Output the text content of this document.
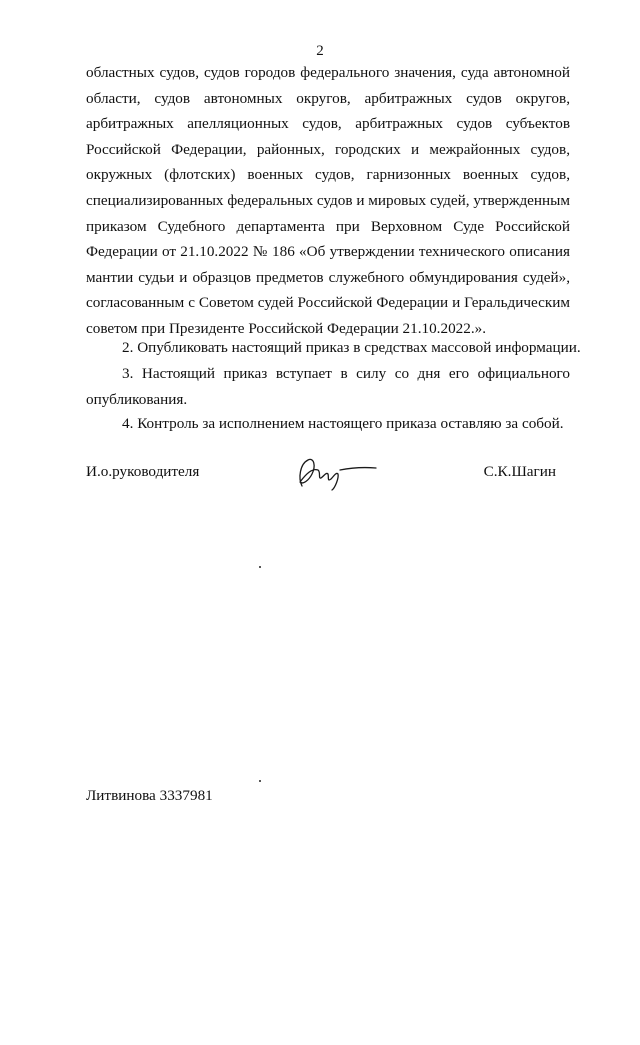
2
областных судов, судов городов федерального значения, суда автономной
области, судов автономных округов, арбитражных судов округов,
арбитражных апелляционных судов, арбитражных судов субъектов
Российской Федерации, районных, городских и межрайонных судов,
окружных (флотских) военных судов, гарнизонных военных судов,
специализированных федеральных судов и мировых судей, утвержденным
приказом Судебного департамента при Верховном Суде Российской
Федерации от 21.10.2022 № 186 «Об утверждении технического описания
мантии судьи и образцов предметов служебного обмундирования судей»,
согласованным с Советом судей Российской Федерации и Геральдическим
советом при Президенте Российской Федерации 21.10.2022.».
2. Опубликовать настоящий приказ в средствах массовой информации.
3. Настоящий приказ вступает в силу со дня его официального
опубликования.
4. Контроль за исполнением настоящего приказа оставляю за собой.
И.о.руководителя	С.К.Шагин
Литвинова 3337981
